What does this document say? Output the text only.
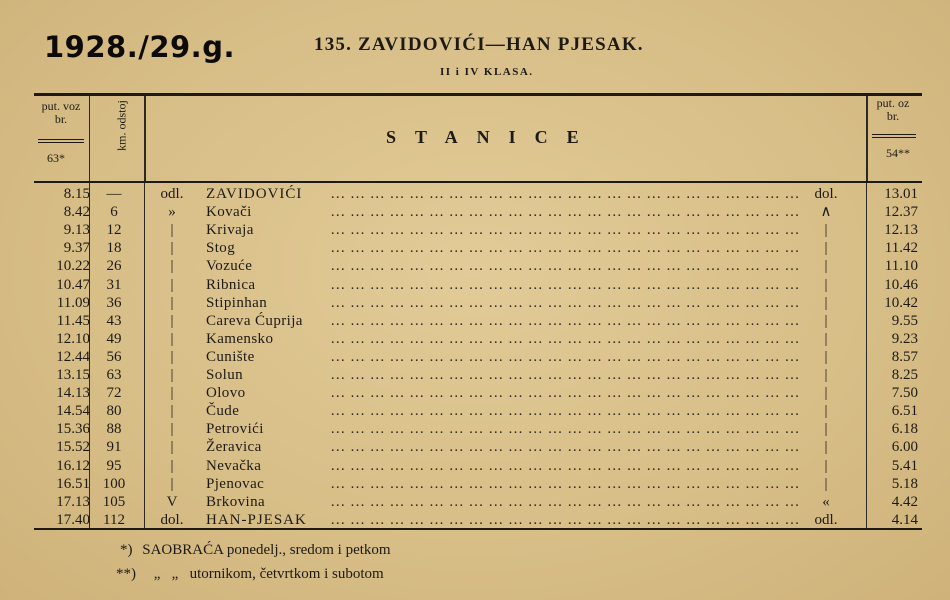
1928./29.g.	135. ZAVIDOVIĆI—HAN PJESAK.
II i IV KLASA.
put. voz br.
63*
km. odstoj	STANICE
put. oz br.
54**
8.15	—	odl.	ZAVIDOVIĆI	dol.	13.01
… … … … … … … … … … … … … … … … … … … … … … … …
8.42	6	»	Kovači	∧	12.37
… … … … … … … … … … … … … … … … … … … … … … … …
9.13	12	|	Krivaja	|	12.13
… … … … … … … … … … … … … … … … … … … … … … … …
9.37	18	|	Stog	|	11.42
… … … … … … … … … … … … … … … … … … … … … … … …
10.22	26	|	Vozuće	|	11.10
… … … … … … … … … … … … … … … … … … … … … … … …
10.47	31	|	Ribnica	|	10.46
… … … … … … … … … … … … … … … … … … … … … … … …
11.09	36	|	Stipinhan	|	10.42
… … … … … … … … … … … … … … … … … … … … … … … …
11.45	43	|	Careva Ćuprija	|	9.55
… … … … … … … … … … … … … … … … … … … … … … … …
12.10	49	|	Kamensko	|	9.23
… … … … … … … … … … … … … … … … … … … … … … … …
12.44	56	|	Cunište	|	8.57
… … … … … … … … … … … … … … … … … … … … … … … …
13.15	63	|	Solun	|	8.25
… … … … … … … … … … … … … … … … … … … … … … … …
14.13	72	|	Olovo	|	7.50
… … … … … … … … … … … … … … … … … … … … … … … …
14.54	80	|	Čude	|	6.51
… … … … … … … … … … … … … … … … … … … … … … … …
15.36	88	|	Petrovići	|	6.18
… … … … … … … … … … … … … … … … … … … … … … … …
15.52	91	|	Žeravica	|	6.00
… … … … … … … … … … … … … … … … … … … … … … … …
16.12	95	|	Nevačka	|	5.41
… … … … … … … … … … … … … … … … … … … … … … … …
16.51 100	|	Pjenovac	|	5.18
… … … … … … … … … … … … … … … … … … … … … … … …
17.13 105	V	Brkovina	«	4.42
… … … … … … … … … … … … … … … … … … … … … … … …
17.40 112	dol.	HAN-PJESAK	odl.	4.14
… … … … … … … … … … … … … … … … … … … … … … … …
*) SAOBRAĆA ponedelj., sredom i petkom
**) „   „   utornikom, četvrtkom i subotom
